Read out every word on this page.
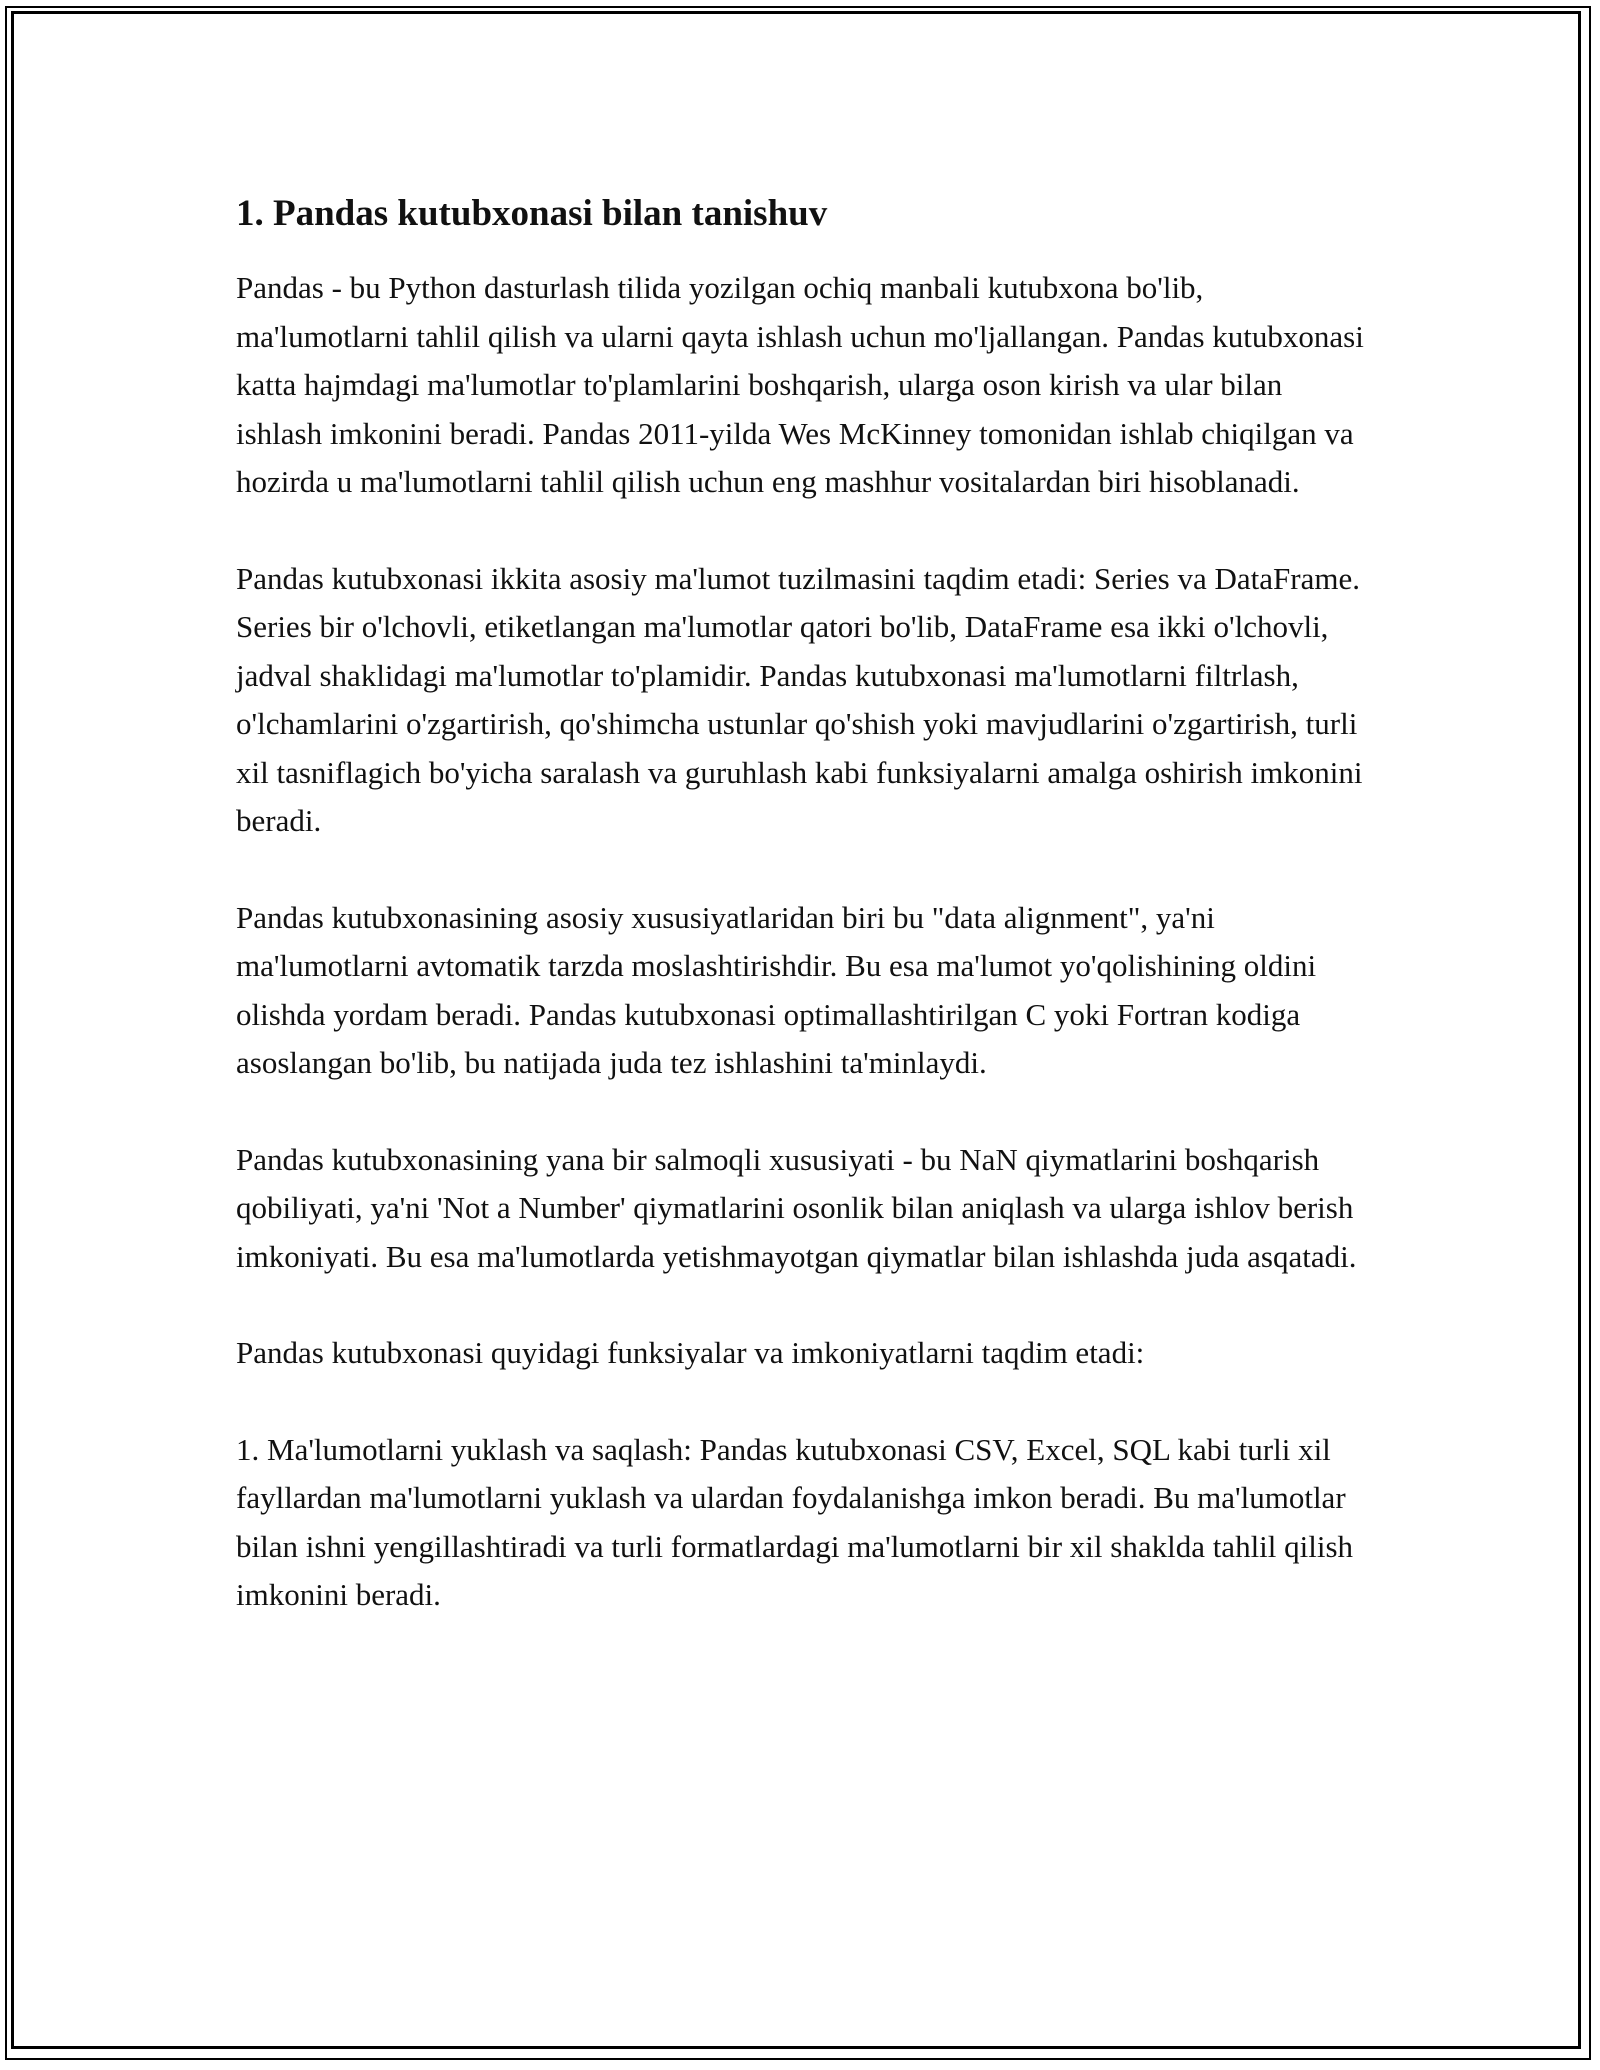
1. Pandas kutubxonasi bilan tanishuv

Pandas - bu Python dasturlash tilida yozilgan ochiq manbali kutubxona bo'lib, ma'lumotlarni tahlil qilish va ularni qayta ishlash uchun mo'ljallangan. Pandas kutubxonasi katta hajmdagi ma'lumotlar to'plamlarini boshqarish, ularga oson kirish va ular bilan ishlash imkonini beradi. Pandas 2011-yilda Wes McKinney tomonidan ishlab chiqilgan va hozirda u ma'lumotlarni tahlil qilish uchun eng mashhur vositalardan biri hisoblanadi.

Pandas kutubxonasi ikkita asosiy ma'lumot tuzilmasini taqdim etadi: Series va DataFrame. Series bir o'lchovli, etiketlangan ma'lumotlar qatori bo'lib, DataFrame esa ikki o'lchovli, jadval shaklidagi ma'lumotlar to'plamidir. Pandas kutubxonasi ma'lumotlarni filtrlash, o'lchamlarini o'zgartirish, qo'shimcha ustunlar qo'shish yoki mavjudlarini o'zgartirish, turli xil tasniflagich bo'yicha saralash va guruhlash kabi funksiyalarni amalga oshirish imkonini beradi.

Pandas kutubxonasining asosiy xususiyatlaridan biri bu "data alignment", ya'ni ma'lumotlarni avtomatik tarzda moslashtirishdir. Bu esa ma'lumot yo'qolishining oldini olishda yordam beradi. Pandas kutubxonasi optimallashtirilgan C yoki Fortran kodiga asoslangan bo'lib, bu natijada juda tez ishlashini ta'minlaydi.

Pandas kutubxonasining yana bir salmoqli xususiyati - bu NaN qiymatlarini boshqarish qobiliyati, ya'ni 'Not a Number' qiymatlarini osonlik bilan aniqlash va ularga ishlov berish imkoniyati. Bu esa ma'lumotlarda yetishmayotgan qiymatlar bilan ishlashda juda asqatadi.

Pandas kutubxonasi quyidagi funksiyalar va imkoniyatlarni taqdim etadi:

1. Ma'lumotlarni yuklash va saqlash: Pandas kutubxonasi CSV, Excel, SQL kabi turli xil fayllardan ma'lumotlarni yuklash va ulardan foydalanishga imkon beradi. Bu ma'lumotlar bilan ishni yengillashtiradi va turli formatlardagi ma'lumotlarni bir xil shaklda tahlil qilish imkonini beradi.
